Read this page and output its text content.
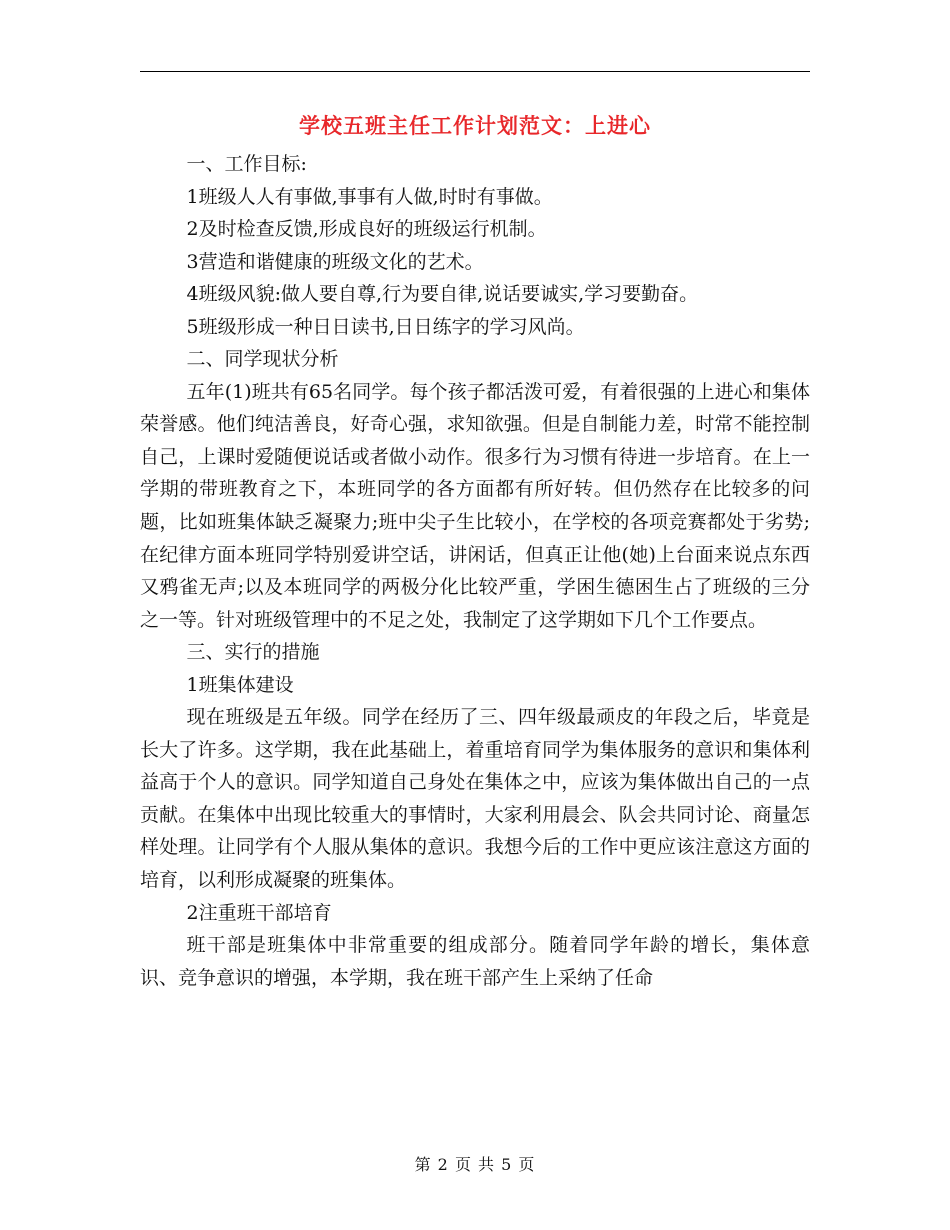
学校五班主任工作计划范文：上进心

一、工作目标:

1班级人人有事做,事事有人做,时时有事做。

2及时检查反馈,形成良好的班级运行机制。

3营造和谐健康的班级文化的艺术。

4班级风貌:做人要自尊,行为要自律,说话要诚实,学习要勤奋。

5班级形成一种日日读书,日日练字的学习风尚。

二、同学现状分析

五年(1)班共有65名同学。每个孩子都活泼可爱，有着很强的上进心和集体荣誉感。他们纯洁善良，好奇心强，求知欲强。但是自制能力差，时常不能控制自己，上课时爱随便说话或者做小动作。很多行为习惯有待进一步培育。在上一学期的带班教育之下，本班同学的各方面都有所好转。但仍然存在比较多的问题，比如班集体缺乏凝聚力;班中尖子生比较小，在学校的各项竞赛都处于劣势;在纪律方面本班同学特别爱讲空话，讲闲话，但真正让他(她)上台面来说点东西又鸦雀无声;以及本班同学的两极分化比较严重，学困生德困生占了班级的三分之一等。针对班级管理中的不足之处，我制定了这学期如下几个工作要点。

三、实行的措施

1班集体建设

现在班级是五年级。同学在经历了三、四年级最顽皮的年段之后，毕竟是长大了许多。这学期，我在此基础上，着重培育同学为集体服务的意识和集体利益高于个人的意识。同学知道自己身处在集体之中，应该为集体做出自己的一点贡献。在集体中出现比较重大的事情时，大家利用晨会、队会共同讨论、商量怎样处理。让同学有个人服从集体的意识。我想今后的工作中更应该注意这方面的培育，以利形成凝聚的班集体。

2注重班干部培育

班干部是班集体中非常重要的组成部分。随着同学年龄的增长，集体意识、竞争意识的增强，本学期，我在班干部产生上采纳了任命

第 2 页 共 5 页
